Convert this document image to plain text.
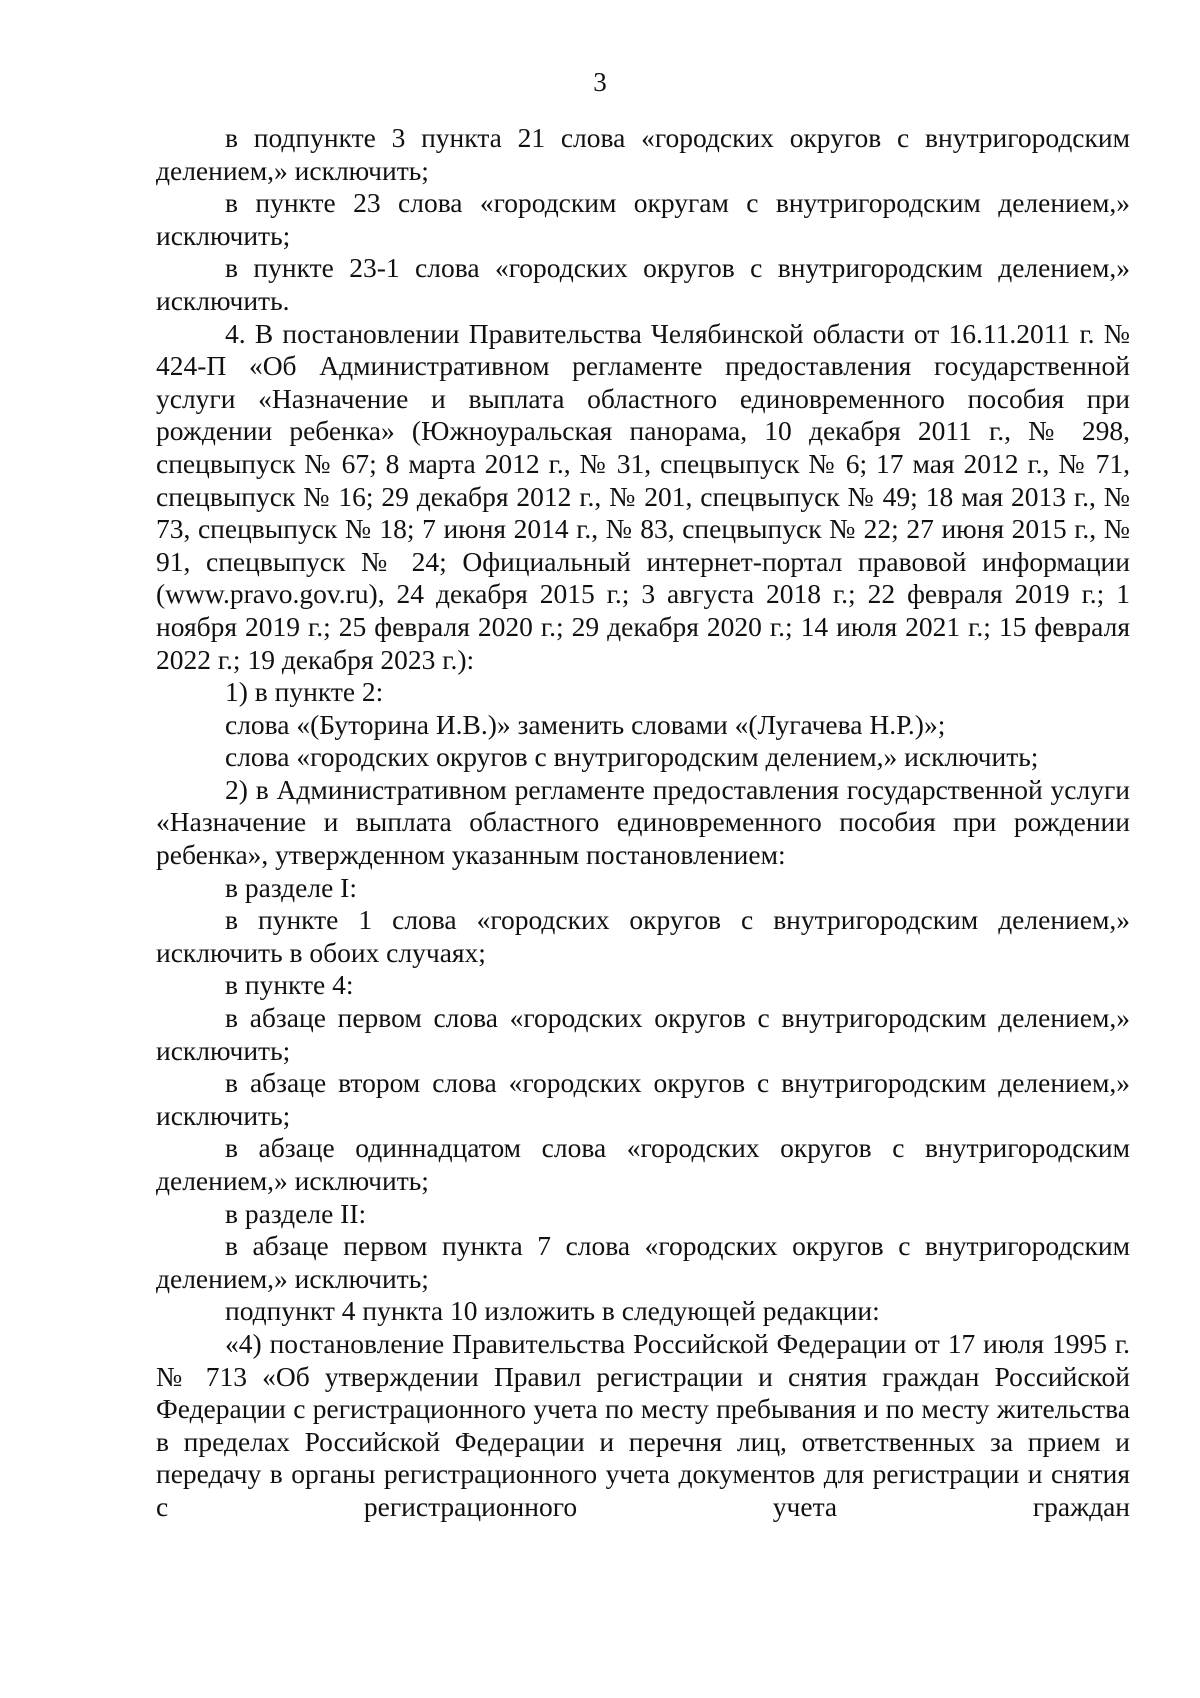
3

в подпункте 3 пункта 21 слова «городских округов с внутригородским делением,» исключить;

в пункте 23 слова «городским округам с внутригородским делением,» исключить;

в пункте 23-1 слова «городских округов с внутригородским делением,» исключить.

4. В постановлении Правительства Челябинской области от 16.11.2011 г. № 424-П «Об Административном регламенте предоставления государственной услуги «Назначение и выплата областного единовременного пособия при рождении ребенка» (Южноуральская панорама, 10 декабря 2011 г., № 298, спецвыпуск № 67; 8 марта 2012 г., № 31, спецвыпуск № 6; 17 мая 2012 г., № 71, спецвыпуск № 16; 29 декабря 2012 г., № 201, спецвыпуск № 49; 18 мая 2013 г., № 73, спецвыпуск № 18; 7 июня 2014 г., № 83, спецвыпуск № 22; 27 июня 2015 г., № 91, спецвыпуск № 24; Официальный интернет-портал правовой информации (www.pravo.gov.ru), 24 декабря 2015 г.; 3 августа 2018 г.; 22 февраля 2019 г.; 1 ноября 2019 г.; 25 февраля 2020 г.; 29 декабря 2020 г.; 14 июля 2021 г.; 15 февраля 2022 г.; 19 декабря 2023 г.):

1) в пункте 2:

слова «(Буторина И.В.)» заменить словами «(Лугачева Н.Р.)»;

слова «городских округов с внутригородским делением,» исключить;

2) в Административном регламенте предоставления государственной услуги «Назначение и выплата областного единовременного пособия при рождении ребенка», утвержденном указанным постановлением:

в разделе I:

в пункте 1 слова «городских округов с внутригородским делением,» исключить в обоих случаях;

в пункте 4:

в абзаце первом слова «городских округов с внутригородским делением,» исключить;

в абзаце втором слова «городских округов с внутригородским делением,» исключить;

в абзаце одиннадцатом слова «городских округов с внутригородским делением,» исключить;

в разделе II:

в абзаце первом пункта 7 слова «городских округов с внутригородским делением,» исключить;

подпункт 4 пункта 10 изложить в следующей редакции:

«4) постановление Правительства Российской Федерации от 17 июля 1995 г. № 713 «Об утверждении Правил регистрации и снятия граждан Российской Федерации с регистрационного учета по месту пребывания и по месту жительства в пределах Российской Федерации и перечня лиц, ответственных за прием и передачу в органы регистрационного учета документов для регистрации и снятия с регистрационного учета граждан
